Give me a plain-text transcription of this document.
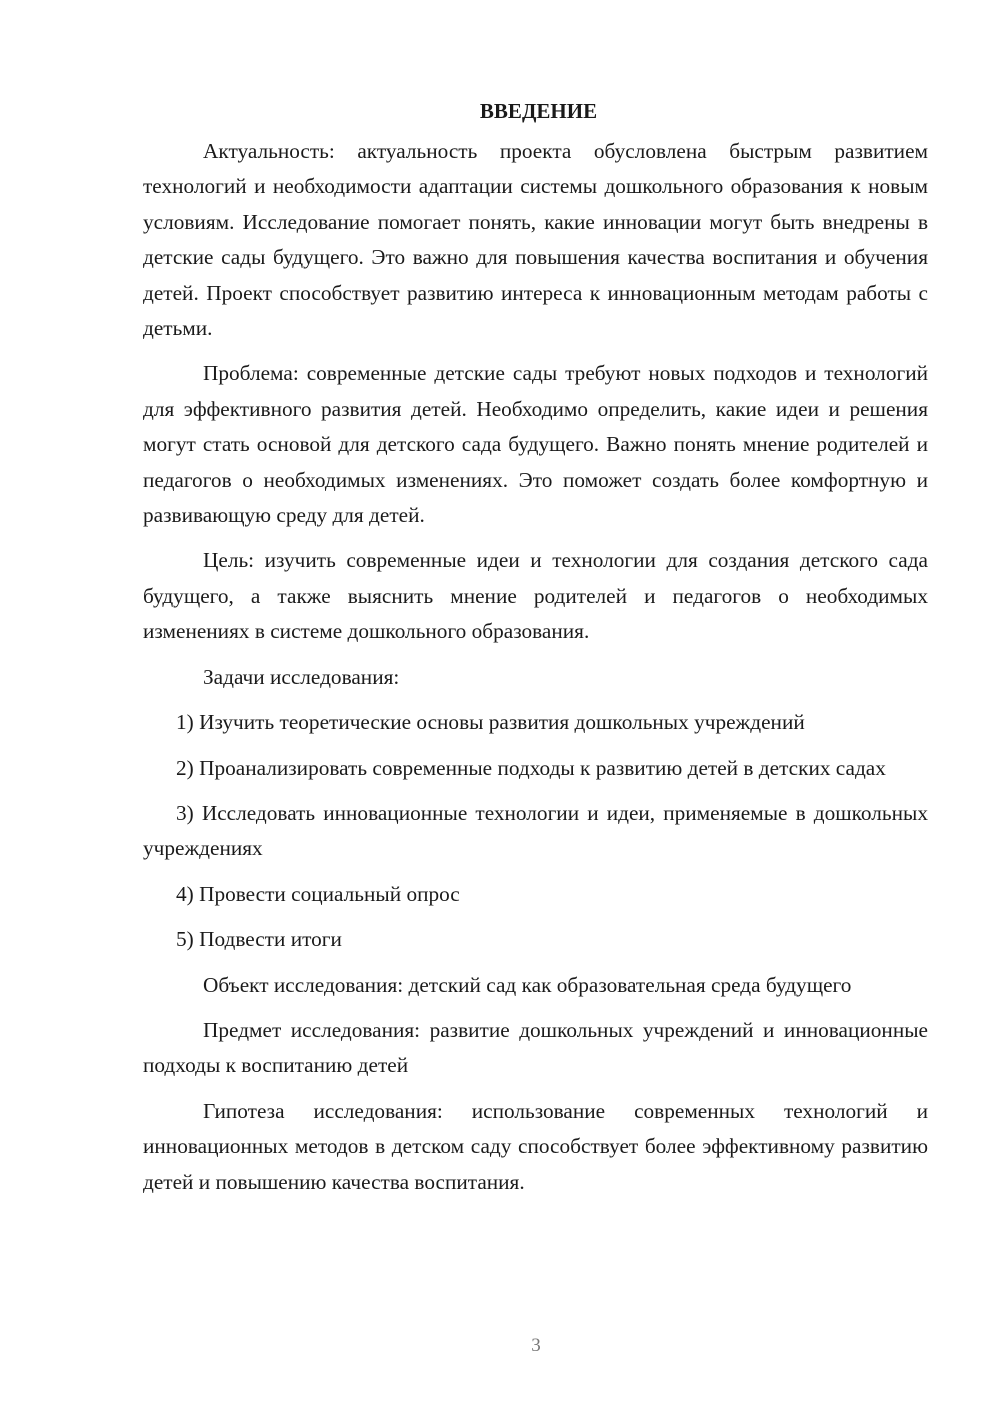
ВВЕДЕНИЕ

Актуальность: актуальность проекта обусловлена быстрым развитием технологий и необходимости адаптации системы дошкольного образования к новым условиям. Исследование помогает понять, какие инновации могут быть внедрены в детские сады будущего. Это важно для повышения качества воспитания и обучения детей. Проект способствует развитию интереса к инновационным методам работы с детьми.

Проблема: современные детские сады требуют новых подходов и технологий для эффективного развития детей. Необходимо определить, какие идеи и решения могут стать основой для детского сада будущего. Важно понять мнение родителей и педагогов о необходимых изменениях. Это поможет создать более комфортную и развивающую среду для детей.

Цель: изучить современные идеи и технологии для создания детского сада будущего, а также выяснить мнение родителей и педагогов о необходимых изменениях в системе дошкольного образования.

Задачи исследования:

1) Изучить теоретические основы развития дошкольных учреждений

2) Проанализировать современные подходы к развитию детей в детских садах

3) Исследовать инновационные технологии и идеи, применяемые в дошкольных учреждениях

4) Провести социальный опрос

5) Подвести итоги

Объект исследования: детский сад как образовательная среда будущего

Предмет исследования: развитие дошкольных учреждений и инновационные подходы к воспитанию детей

Гипотеза исследования: использование современных технологий и инновационных методов в детском саду способствует более эффективному развитию детей и повышению качества воспитания.

3
